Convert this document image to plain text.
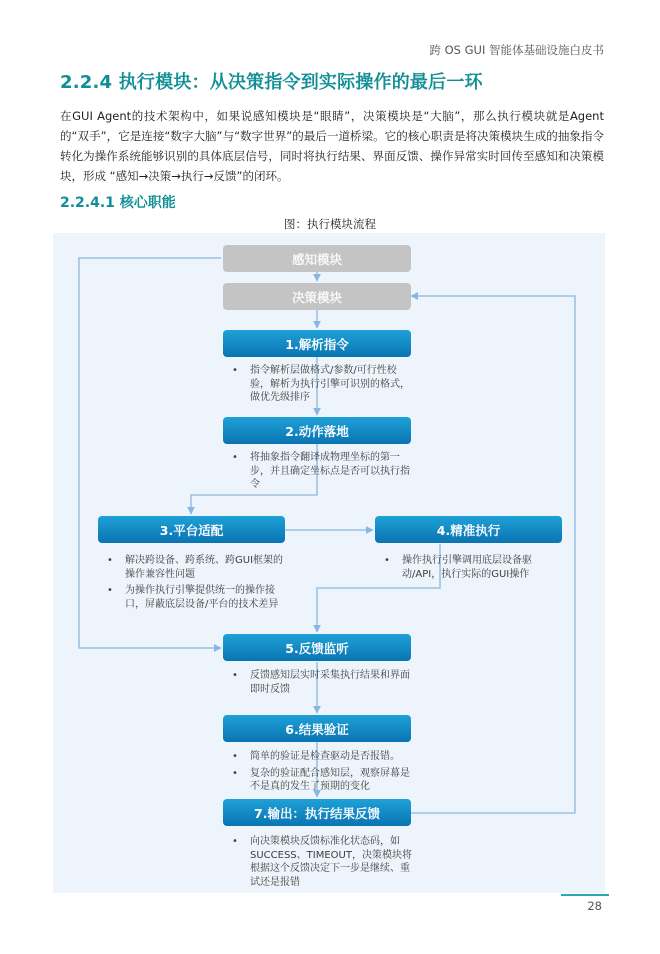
跨 OS GUI 智能体基础设施白皮书
2.2.4 执行模块：从决策指令到实际操作的最后一环

在GUI Agent的技术架构中，如果说感知模块是“眼睛”，决策模块是“大脑”，那么执行模块就是Agent的“双手”，它是连接“数字大脑”与“数字世界”的最后一道桥梁。它的核心职责是将决策模块生成的抽象指令转化为操作系统能够识别的具体底层信号，同时将执行结果、界面反馈、操作异常实时回传至感知和决策模块，形成 “感知→决策→执行→反馈”的闭环。

2.2.4.1 核心职能
图：执行模块流程
感知模块
决策模块
1.解析指令
• 指令解析层做格式/参数/可行性校验，解析为执行引擎可识别的格式，做优先级排序
2.动作落地
• 将抽象指令翻译成物理坐标的第一步，并且确定坐标点是否可以执行指令
3.平台适配	4.精准执行
• 解决跨设备、跨系统、跨GUI框架的操作兼容性问题
• 为操作执行引擎提供统一的操作接口，屏蔽底层设备/平台的技术差异
• 操作执行引擎调用底层设备驱动/API，执行实际的GUI操作
5.反馈监听
• 反馈感知层实时采集执行结果和界面即时反馈
6.结果验证
• 简单的验证是检查驱动是否报错。
• 复杂的验证配合感知层，观察屏幕是不是真的发生了预期的变化
7.输出：执行结果反馈
• 向决策模块反馈标准化状态码，如SUCCESS、TIMEOUT，决策模块将根据这个反馈决定下一步是继续、重试还是报错
28
